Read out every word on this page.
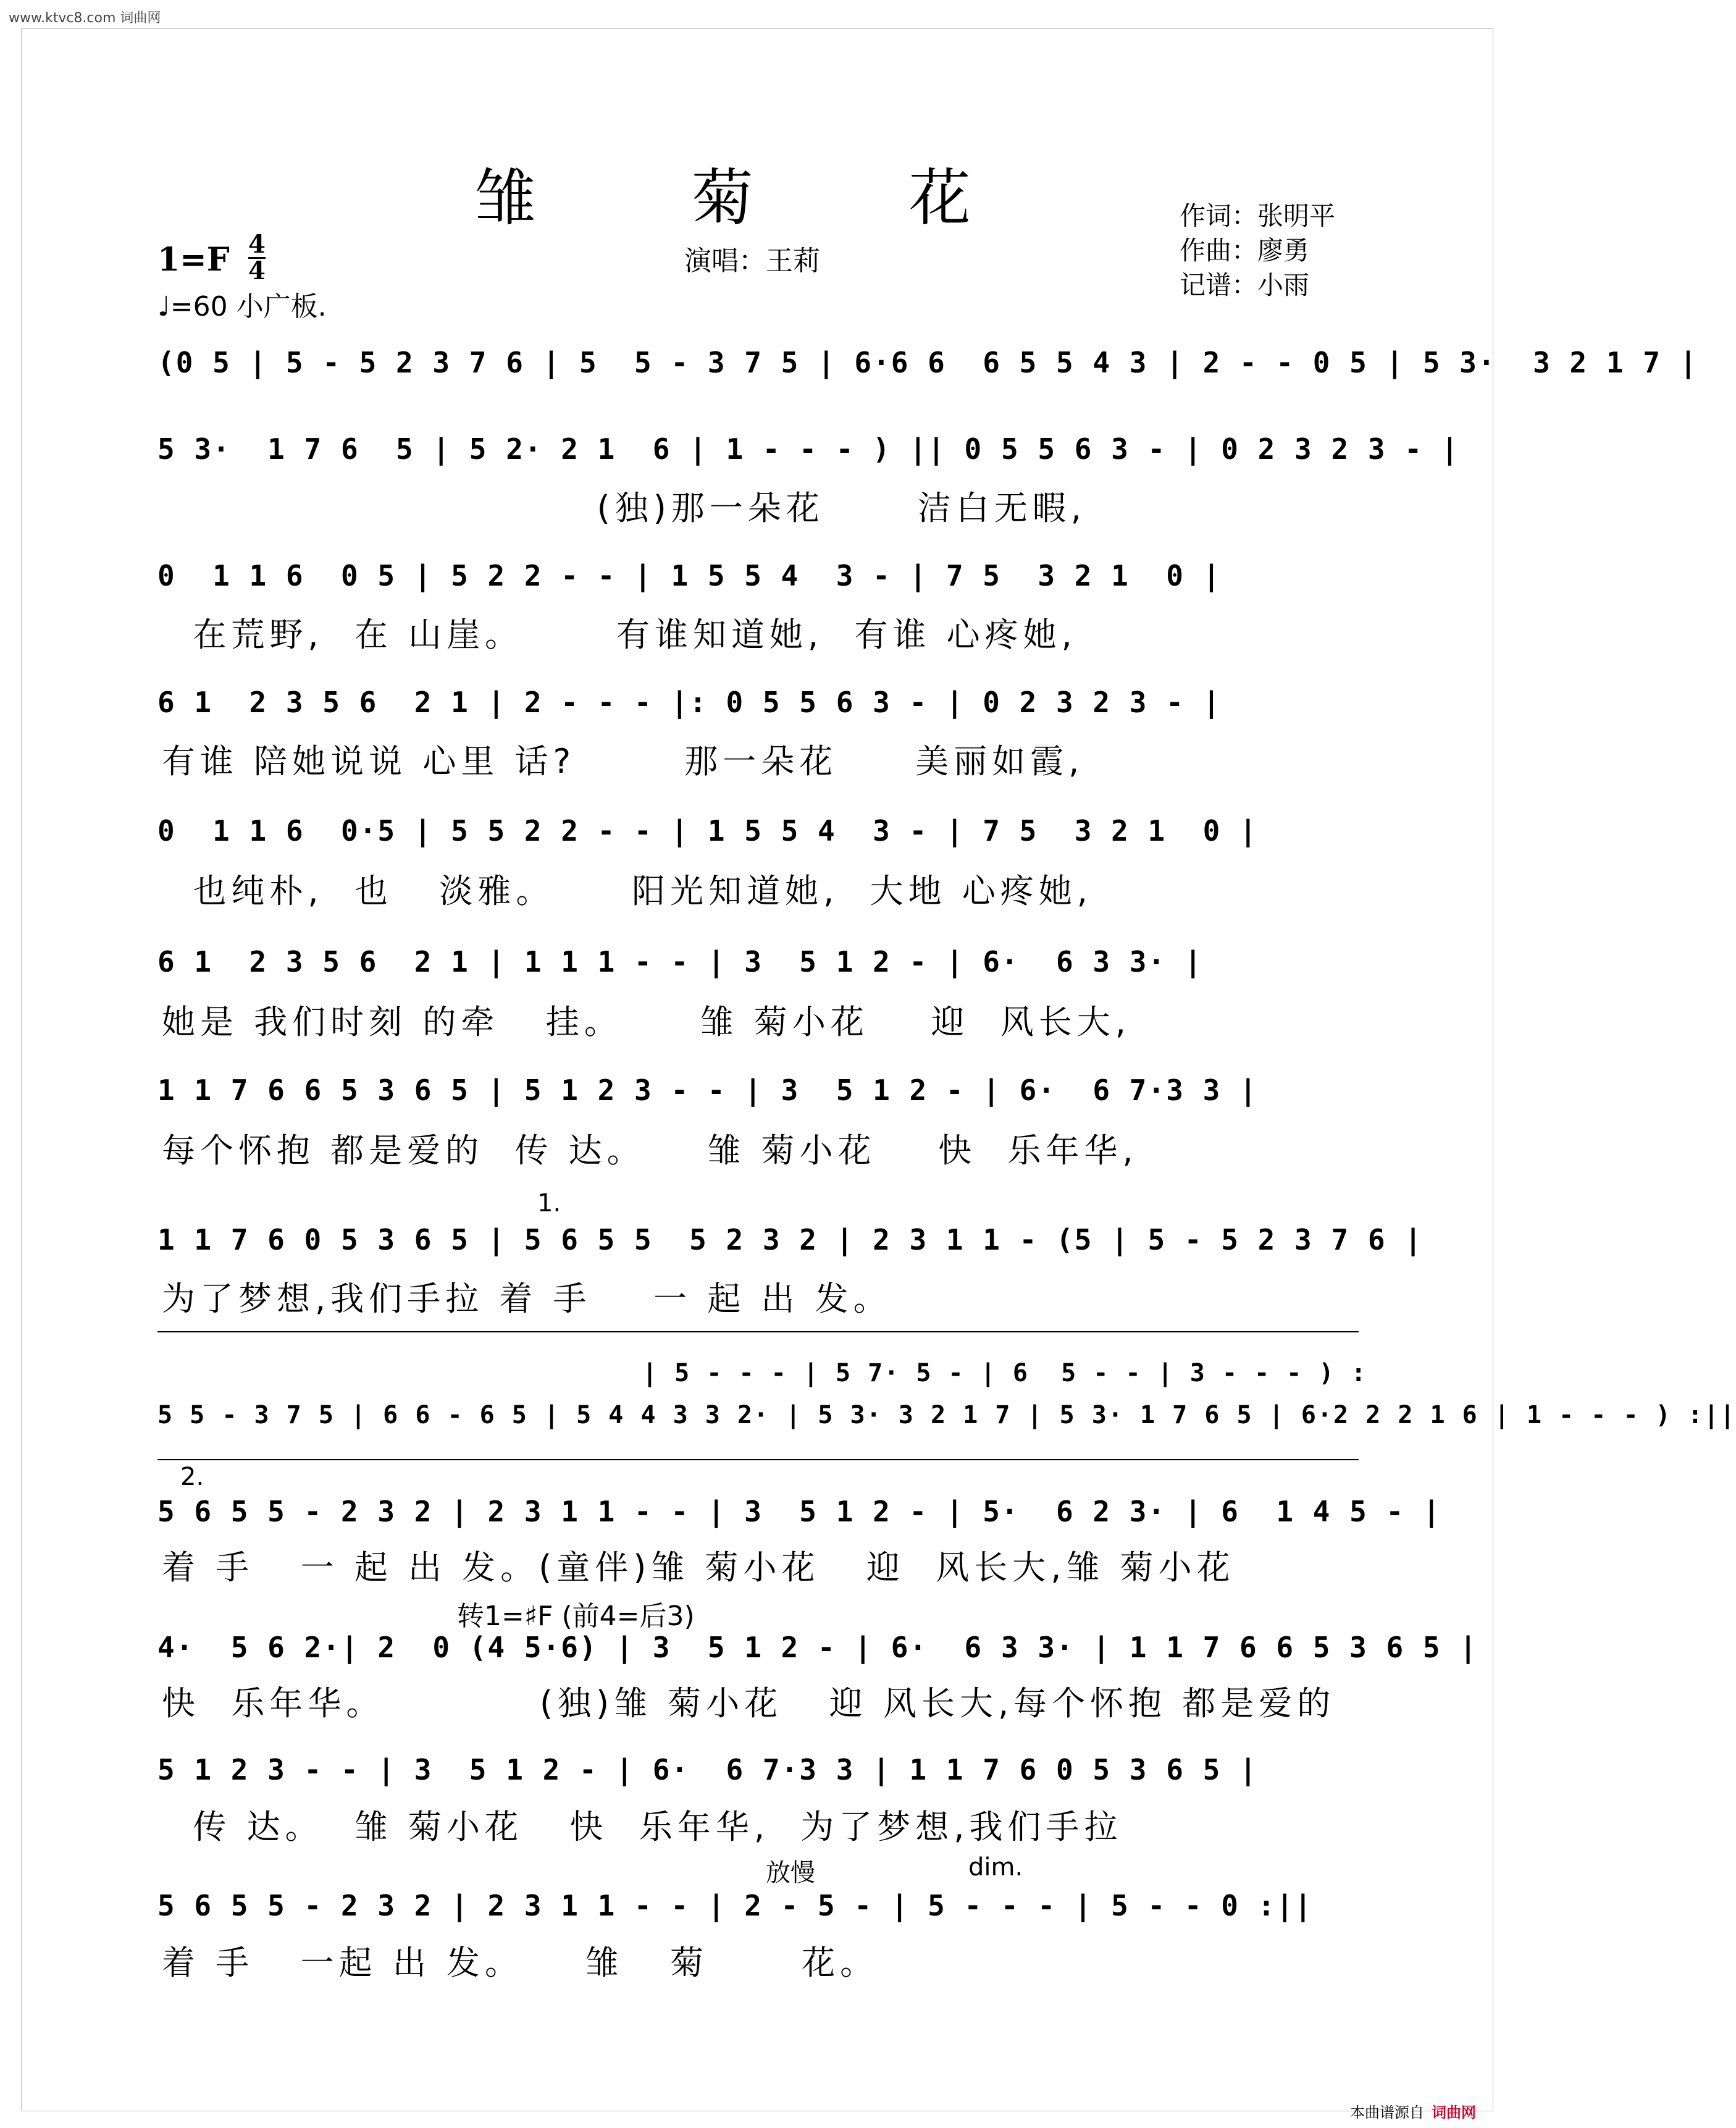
www.ktvc8.com 词曲网
雏 菊 花	作词：张明平
作曲：廖勇
记谱：小雨
1=F 4
4	演唱：王莉
♩=60 小广板.
(0 5 | 5 - 5 2 3 7 6 | 5  5 - 3 7 5 | 6·6 6  6 5 5 4 3 | 2 - - 0 5 | 5 3·  3 2 1 7 |
5 3·  1 7 6  5 | 5 2· 2 1  6 | 1 - - - ) || 0 5 5 6 3 - | 0 2 3 2 3 - |
(独)那一朵花      洁白无暇,
0  1 1 6  0 5 | 5 2 2 - - | 1 5 5 4  3 - | 7 5  3 2 1  0 |
在荒野,  在 山崖。      有谁知道她,  有谁 心疼她,
6 1  2 3 5 6  2 1 | 2 - - - |: 0 5 5 6 3 - | 0 2 3 2 3 - |
有谁 陪她说说 心里 话?       那一朵花     美丽如霞,
0  1 1 6  0·5 | 5 5 2 2 - - | 1 5 5 4  3 - | 7 5  3 2 1  0 |
也纯朴,  也   淡雅。     阳光知道她,  大地 心疼她,
6 1  2 3 5 6  2 1 | 1 1 1 - - | 3  5 1 2 - | 6·  6 3 3· |
她是 我们时刻 的牵   挂。     雏 菊小花    迎  风长大,
1 1 7 6 6 5 3 6 5 | 5 1 2 3 - - | 3  5 1 2 - | 6·  6 7·3 3 |
每个怀抱 都是爱的  传 达。    雏 菊小花    快  乐年华,
1.
1 1 7 6 0 5 3 6 5 | 5 6 5 5  5 2 3 2 | 2 3 1 1 - (5 | 5 - 5 2 3 7 6 |
为了梦想,我们手拉 着 手    一 起 出 发。
| 5 - - - | 5 7· 5 - | 6  5 - - | 3 - - - ) :
5 5 - 3 7 5 | 6 6 - 6 5 | 5 4 4 3 3 2· | 5 3· 3 2 1 7 | 5 3· 1 7 6 5 | 6·2 2 2 1 6 | 1 - - - ) :||
2.
5 6 5 5 - 2 3 2 | 2 3 1 1 - - | 3  5 1 2 - | 5·  6 2 3· | 6  1 4 5 - |
着 手   一 起 出 发。(童伴)雏 菊小花   迎  风长大,雏 菊小花
转1=♯F (前4=后3)
4·  5 6 2·| 2  0 (4 5·6) | 3  5 1 2 - | 6·  6 3 3· | 1 1 7 6 6 5 3 6 5 |
快  乐年华。          (独)雏 菊小花   迎 风长大,每个怀抱 都是爱的
5 1 2 3 - - | 3  5 1 2 - | 6·  6 7·3 3 | 1 1 7 6 0 5 3 6 5 |
传 达。  雏 菊小花   快  乐年华,  为了梦想,我们手拉
放慢	dim.
5 6 5 5 - 2 3 2 | 2 3 1 1 - - | 2 - 5 - | 5 - - - | 5 - - 0 :||
着 手   一起 出 发。    雏   菊      花。
本曲谱源自 词曲网
